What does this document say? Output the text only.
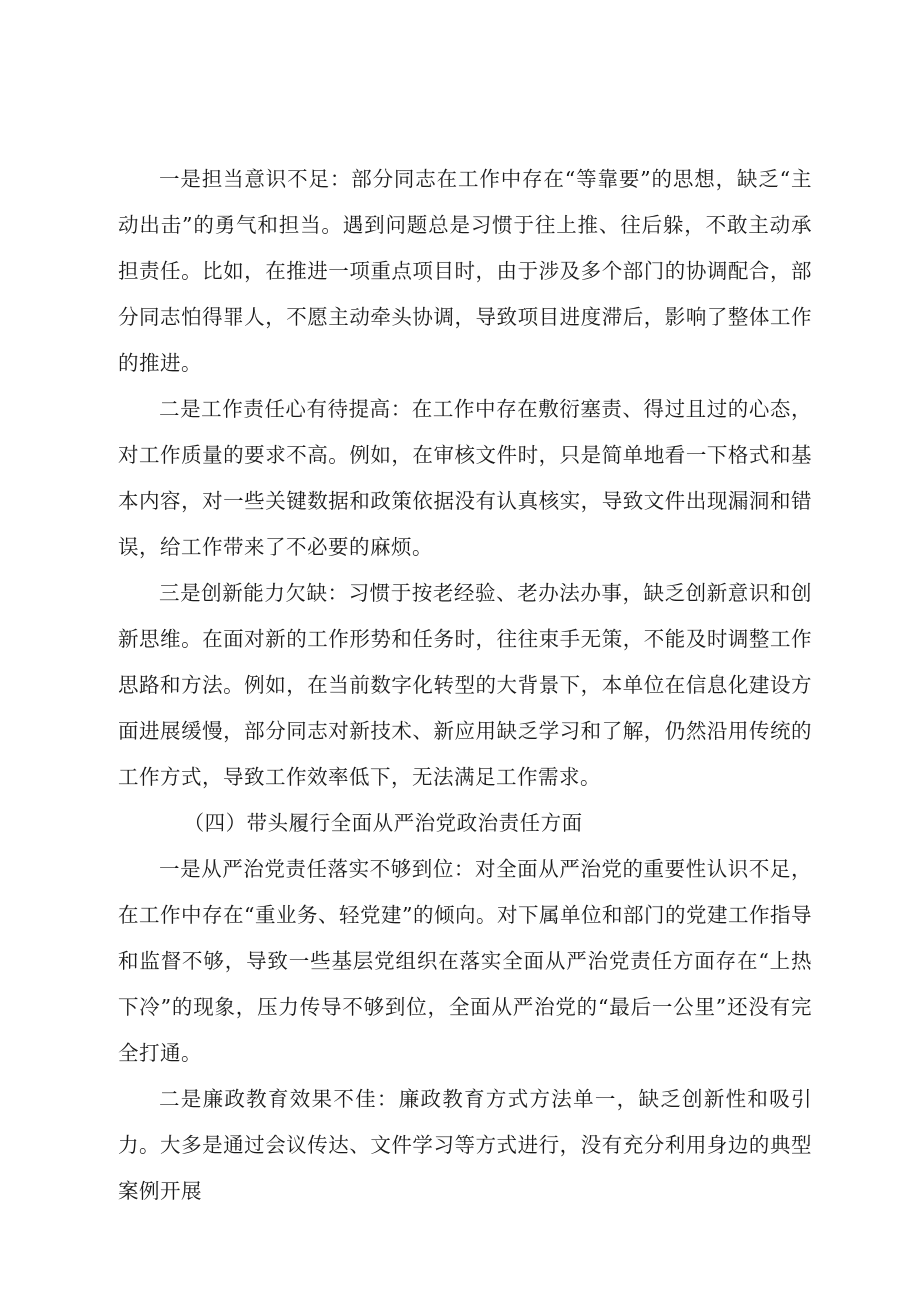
一是担当意识不足：部分同志在工作中存在“等靠要”的思想，缺乏“主动出击”的勇气和担当。遇到问题总是习惯于往上推、往后躲，不敢主动承担责任。比如，在推进一项重点项目时，由于涉及多个部门的协调配合，部分同志怕得罪人，不愿主动牵头协调，导致项目进度滞后，影响了整体工作的推进。

二是工作责任心有待提高：在工作中存在敷衍塞责、得过且过的心态，对工作质量的要求不高。例如，在审核文件时，只是简单地看一下格式和基本内容，对一些关键数据和政策依据没有认真核实，导致文件出现漏洞和错误，给工作带来了不必要的麻烦。

三是创新能力欠缺：习惯于按老经验、老办法办事，缺乏创新意识和创新思维。在面对新的工作形势和任务时，往往束手无策，不能及时调整工作思路和方法。例如，在当前数字化转型的大背景下，本单位在信息化建设方面进展缓慢，部分同志对新技术、新应用缺乏学习和了解，仍然沿用传统的工作方式，导致工作效率低下，无法满足工作需求。

（四）带头履行全面从严治党政治责任方面

一是从严治党责任落实不够到位：对全面从严治党的重要性认识不足，在工作中存在“重业务、轻党建”的倾向。对下属单位和部门的党建工作指导和监督不够，导致一些基层党组织在落实全面从严治党责任方面存在“上热下冷”的现象，压力传导不够到位，全面从严治党的“最后一公里”还没有完全打通。

二是廉政教育效果不佳：廉政教育方式方法单一，缺乏创新性和吸引力。大多是通过会议传达、文件学习等方式进行，没有充分利用身边的典型案例开展
